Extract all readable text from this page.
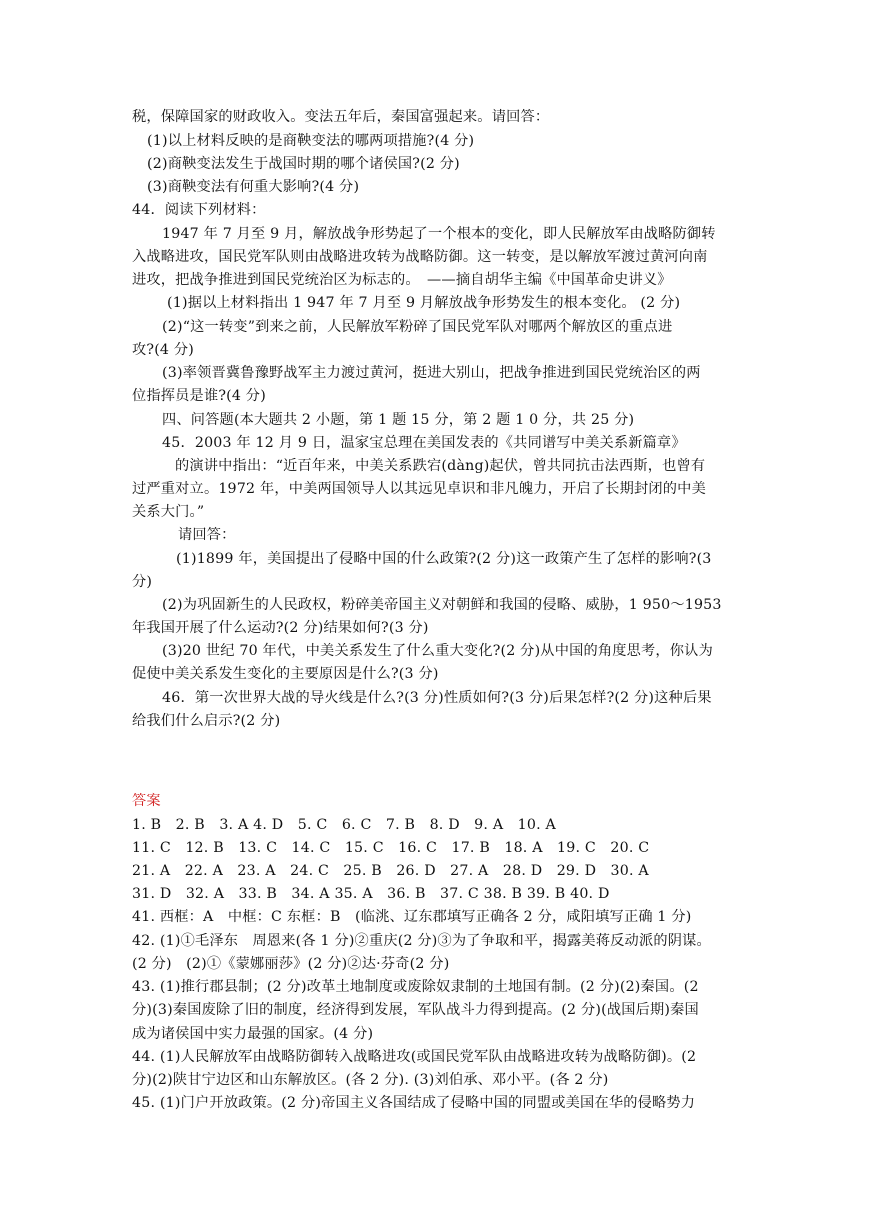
税，保障国家的财政收入。变法五年后，秦国富强起来。请回答：
(1)以上材料反映的是商鞅变法的哪两项措施?(4 分)
(2)商鞅变法发生于战国时期的哪个诸侯国?(2 分)
(3)商鞅变法有何重大影响?(4 分)
44．阅读下列材料：
1947 年 7 月至 9 月，解放战争形势起了一个根本的变化，即人民解放军由战略防御转
入战略进攻，国民党军队则由战略进攻转为战略防御。这一转变，是以解放军渡过黄河向南
进攻，把战争推进到国民党统治区为标志的。　——摘自胡华主编《中国革命史讲义》
(1)据以上材料指出 1 947 年 7 月至 9 月解放战争形势发生的根本变化。 (2 分)
(2)“这一转变”到来之前，人民解放军粉碎了国民党军队对哪两个解放区的重点进
攻?(4 分)
(3)率领晋冀鲁豫野战军主力渡过黄河，挺进大别山，把战争推进到国民党统治区的两
位指挥员是谁?(4 分)
四、问答题(本大题共 2 小题，第 1 题 15 分，第 2 题 1 0 分，共 25 分)
45．2003 年 12 月 9 日，温家宝总理在美国发表的《共同谱写中美关系新篇章》
的演讲中指出：“近百年来，中美关系跌宕(dàng)起伏，曾共同抗击法西斯，也曾有
过严重对立。1972 年，中美两国领导人以其远见卓识和非凡魄力，开启了长期封闭的中美
关系大门。”
请回答：
(1)1899 年，美国提出了侵略中国的什么政策?(2 分)这一政策产生了怎样的影响?(3
分)
(2)为巩固新生的人民政权，粉碎美帝国主义对朝鲜和我国的侵略、威胁，1 950～1953
年我国开展了什么运动?(2 分)结果如何?(3 分)
(3)20 世纪 70 年代，中美关系发生了什么重大变化?(2 分)从中国的角度思考，你认为
促使中美关系发生变化的主要原因是什么?(3 分)
46．第一次世界大战的导火线是什么?(3 分)性质如何?(3 分)后果怎样?(2 分)这种后果
给我们什么启示?(2 分)
答案
1. B　2. B　3. A 4. D　5. C　6. C　7. B　8. D　9. A　10. A
11. C　12. B　13. C　14. C　15. C　16. C　17. B　18. A　19. C　20. C
21. A　22. A　23. A　24. C　25. B　26. D　27. A　28. D　29. D　30. A
31. D　32. A　33. B　34. A 35. A　36. B　37. C 38. B 39. B 40. D
41. 西框：A　中框：C 东框：B　(临洮、辽东郡填写正确各 2 分，咸阳填写正确 1 分)
42. (1)①毛泽东　周恩来(各 1 分)②重庆(2 分)③为了争取和平，揭露美蒋反动派的阴谋。
(2 分)　(2)①《蒙娜丽莎》(2 分)②达·芬奇(2 分)
43. (1)推行郡县制；(2 分)改革土地制度或废除奴隶制的土地国有制。(2 分)(2)秦国。(2
分)(3)秦国废除了旧的制度，经济得到发展，军队战斗力得到提高。(2 分)(战国后期)秦国
成为诸侯国中实力最强的国家。(4 分)
44. (1)人民解放军由战略防御转入战略进攻(或国民党军队由战略进攻转为战略防御)。(2
分)(2)陕甘宁边区和山东解放区。(各 2 分). (3)刘伯承、邓小平。(各 2 分)
45. (1)门户开放政策。(2 分)帝国主义各国结成了侵略中国的同盟或美国在华的侵略势力
